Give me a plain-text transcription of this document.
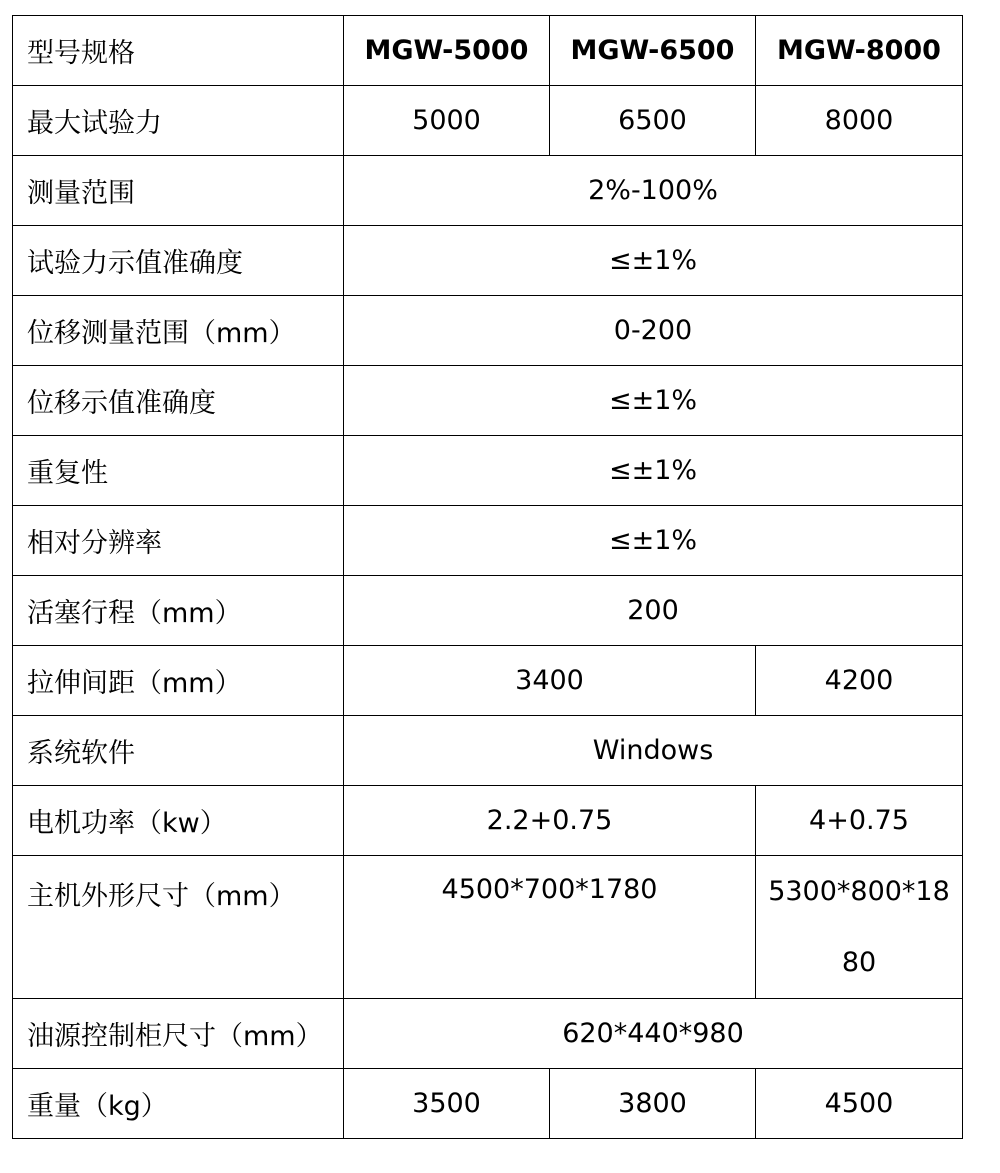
型号规格	MGW-5000	MGW-6500	MGW-8000
最大试验力	5000	6500	8000
测量范围	2%-100%		
试验力示值准确度	≤±1%		
位移测量范围（mm）	0-200		
位移示值准确度	≤±1%		
重复性	≤±1%		
相对分辨率	≤±1%		
活塞行程（mm）	200		
拉伸间距（mm）	3400		4200
系统软件	Windows		
电机功率（kw）	2.2+0.75		4+0.75
主机外形尺寸（mm）	4500*700*1780		5300*800*1880
油源控制柜尺寸（mm）	620*440*980		
重量（kg）	3500	3800	4500
